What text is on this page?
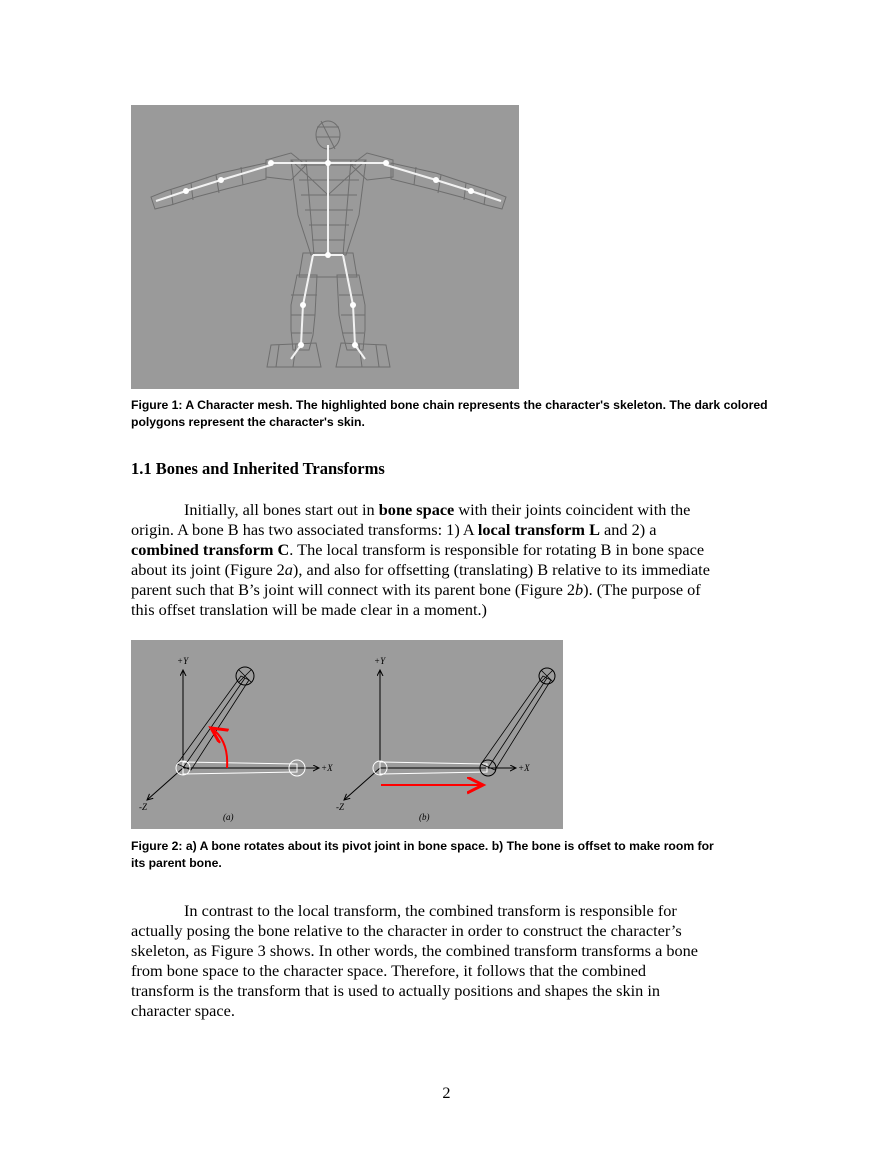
Figure 1: A Character mesh. The highlighted bone chain represents the character's skeleton. The dark colored polygons represent the character's skin.
1.1 Bones and Inherited Transforms
Initially, all bones start out in bone space with their joints coincident with the
origin. A bone B has two associated transforms: 1) A local transform L and 2) a
combined transform C. The local transform is responsible for rotating B in bone space
about its joint (Figure 2a), and also for offsetting (translating) B relative to its immediate
parent such that B’s joint will connect with its parent bone (Figure 2b). (The purpose of
this offset translation will be made clear in a moment.)
+Y
+X
-Z
(a)
+Y
+X
-Z
(b)
Figure 2: a) A bone rotates about its pivot joint in bone space. b) The bone is offset to make room for
its parent bone.
In contrast to the local transform, the combined transform is responsible for
actually posing the bone relative to the character in order to construct the character’s
skeleton, as Figure 3 shows. In other words, the combined transform transforms a bone
from bone space to the character space. Therefore, it follows that the combined
transform is the transform that is used to actually positions and shapes the skin in
character space.
2
